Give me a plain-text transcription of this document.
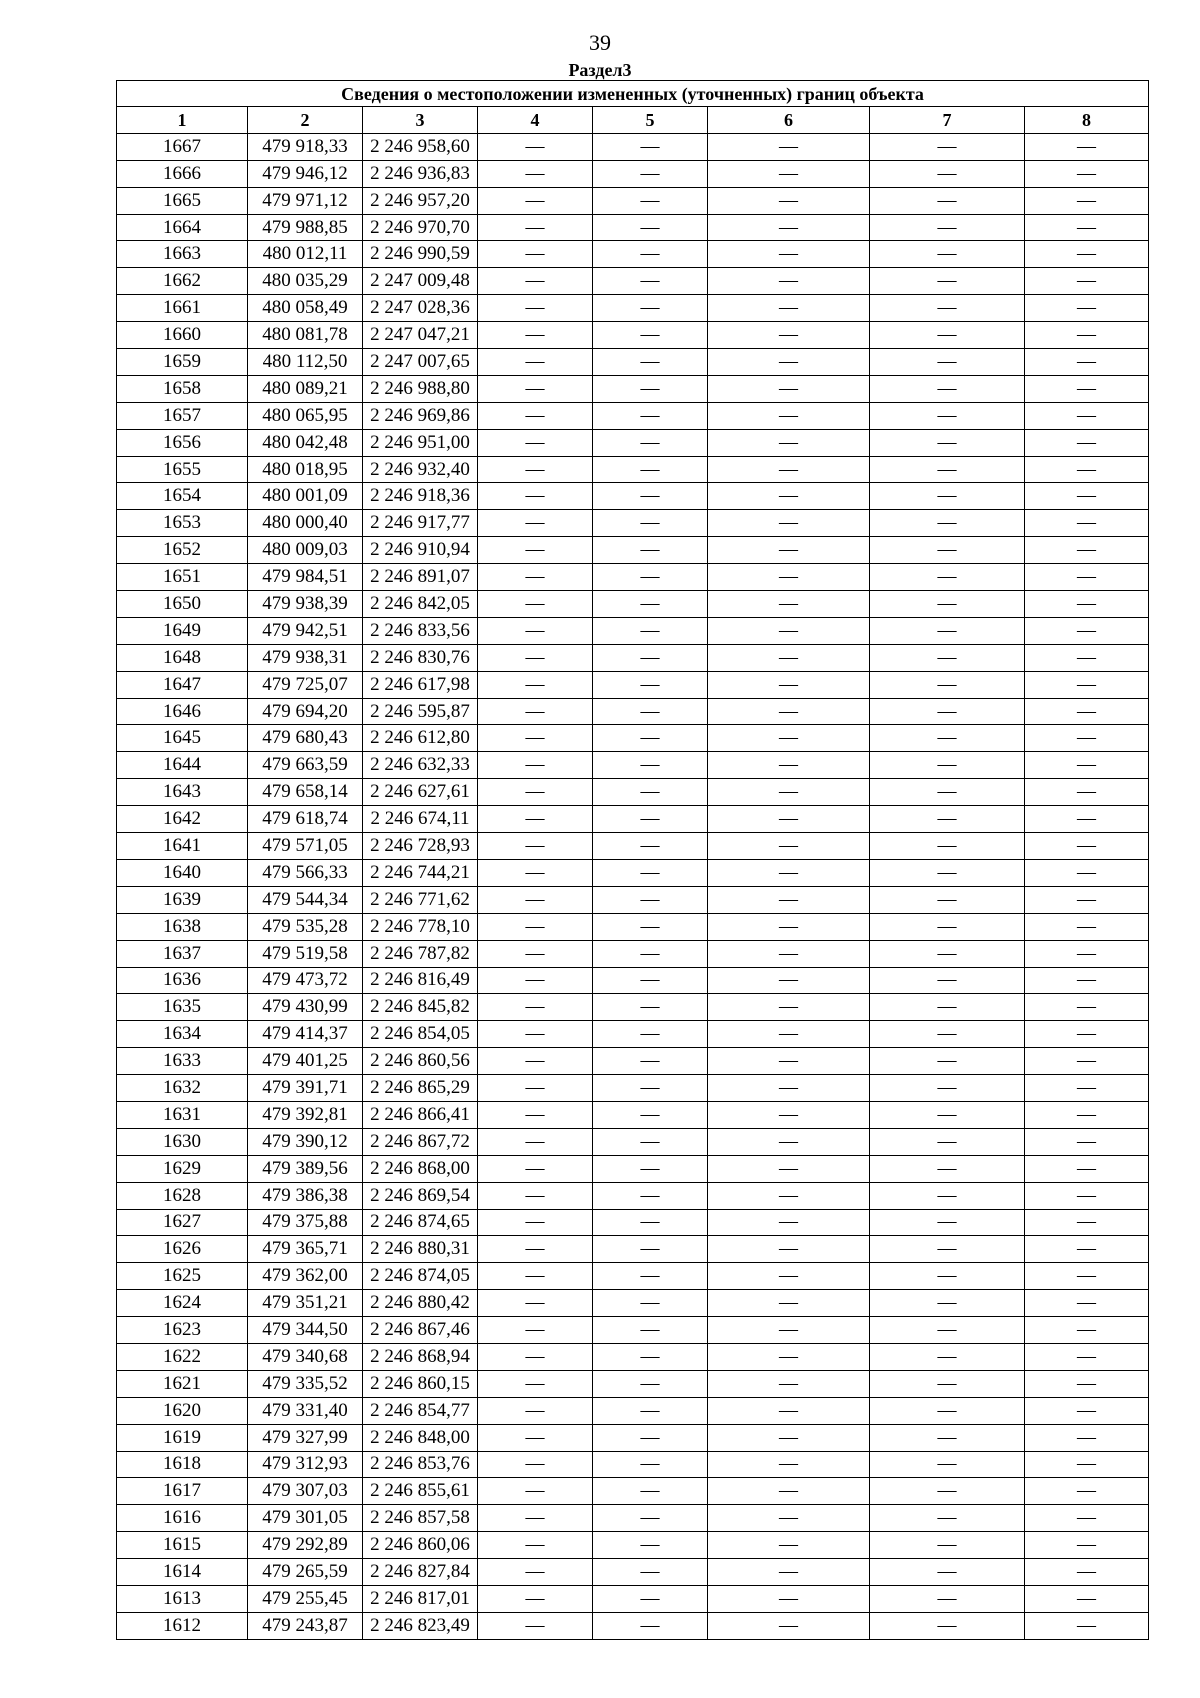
39
Раздел3
Сведения о местоположении измененных (уточненных) границ объекта							
1	2	3	4	5	6	7	8
1667	479 918,33	2 246 958,60	—	—	—	—	—
1666	479 946,12	2 246 936,83	—	—	—	—	—
1665	479 971,12	2 246 957,20	—	—	—	—	—
1664	479 988,85	2 246 970,70	—	—	—	—	—
1663	480 012,11	2 246 990,59	—	—	—	—	—
1662	480 035,29	2 247 009,48	—	—	—	—	—
1661	480 058,49	2 247 028,36	—	—	—	—	—
1660	480 081,78	2 247 047,21	—	—	—	—	—
1659	480 112,50	2 247 007,65	—	—	—	—	—
1658	480 089,21	2 246 988,80	—	—	—	—	—
1657	480 065,95	2 246 969,86	—	—	—	—	—
1656	480 042,48	2 246 951,00	—	—	—	—	—
1655	480 018,95	2 246 932,40	—	—	—	—	—
1654	480 001,09	2 246 918,36	—	—	—	—	—
1653	480 000,40	2 246 917,77	—	—	—	—	—
1652	480 009,03	2 246 910,94	—	—	—	—	—
1651	479 984,51	2 246 891,07	—	—	—	—	—
1650	479 938,39	2 246 842,05	—	—	—	—	—
1649	479 942,51	2 246 833,56	—	—	—	—	—
1648	479 938,31	2 246 830,76	—	—	—	—	—
1647	479 725,07	2 246 617,98	—	—	—	—	—
1646	479 694,20	2 246 595,87	—	—	—	—	—
1645	479 680,43	2 246 612,80	—	—	—	—	—
1644	479 663,59	2 246 632,33	—	—	—	—	—
1643	479 658,14	2 246 627,61	—	—	—	—	—
1642	479 618,74	2 246 674,11	—	—	—	—	—
1641	479 571,05	2 246 728,93	—	—	—	—	—
1640	479 566,33	2 246 744,21	—	—	—	—	—
1639	479 544,34	2 246 771,62	—	—	—	—	—
1638	479 535,28	2 246 778,10	—	—	—	—	—
1637	479 519,58	2 246 787,82	—	—	—	—	—
1636	479 473,72	2 246 816,49	—	—	—	—	—
1635	479 430,99	2 246 845,82	—	—	—	—	—
1634	479 414,37	2 246 854,05	—	—	—	—	—
1633	479 401,25	2 246 860,56	—	—	—	—	—
1632	479 391,71	2 246 865,29	—	—	—	—	—
1631	479 392,81	2 246 866,41	—	—	—	—	—
1630	479 390,12	2 246 867,72	—	—	—	—	—
1629	479 389,56	2 246 868,00	—	—	—	—	—
1628	479 386,38	2 246 869,54	—	—	—	—	—
1627	479 375,88	2 246 874,65	—	—	—	—	—
1626	479 365,71	2 246 880,31	—	—	—	—	—
1625	479 362,00	2 246 874,05	—	—	—	—	—
1624	479 351,21	2 246 880,42	—	—	—	—	—
1623	479 344,50	2 246 867,46	—	—	—	—	—
1622	479 340,68	2 246 868,94	—	—	—	—	—
1621	479 335,52	2 246 860,15	—	—	—	—	—
1620	479 331,40	2 246 854,77	—	—	—	—	—
1619	479 327,99	2 246 848,00	—	—	—	—	—
1618	479 312,93	2 246 853,76	—	—	—	—	—
1617	479 307,03	2 246 855,61	—	—	—	—	—
1616	479 301,05	2 246 857,58	—	—	—	—	—
1615	479 292,89	2 246 860,06	—	—	—	—	—
1614	479 265,59	2 246 827,84	—	—	—	—	—
1613	479 255,45	2 246 817,01	—	—	—	—	—
1612	479 243,87	2 246 823,49	—	—	—	—	—
